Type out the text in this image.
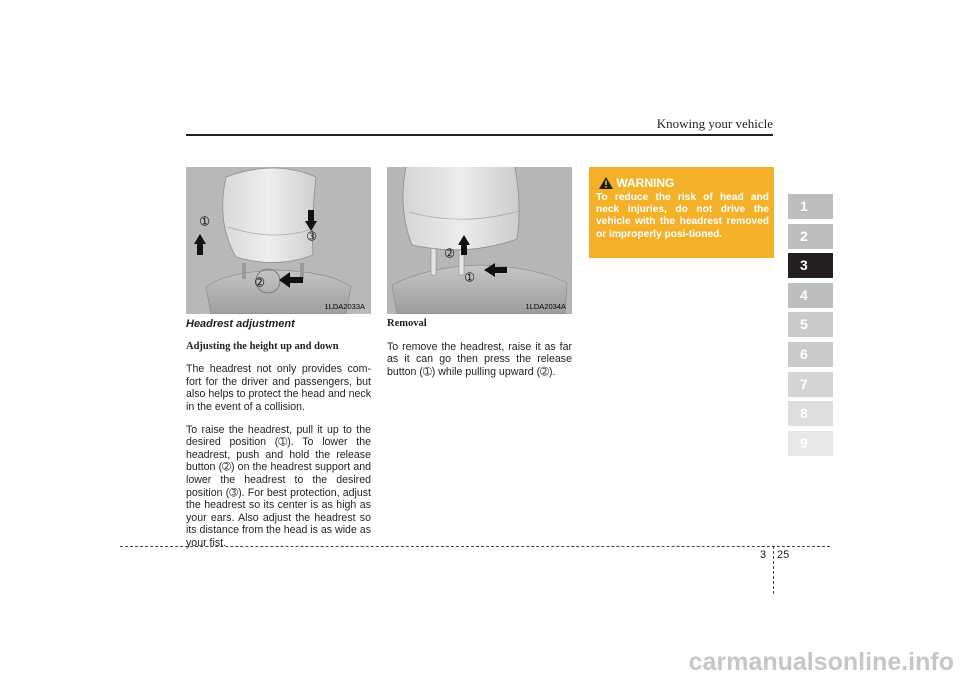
Knowing your vehicle
➀
➂
➁
1LDA2033A
➁
➀
1LDA2034A

Headrest adjustment

Adjusting the height up and down

The headrest not only provides com-fort for the driver and passengers, but also helps to protect the head and neck in the event of a collision.

To raise the headrest, pull it up to the desired position (➀). To lower the headrest, push and hold the release button (➁) on the headrest support and lower the headrest to the desired position (➂). For best protection, adjust the headrest so its center is as high as your ears. Also adjust the headrest so its distance from the head is as wide as your fist.

Removal

To remove the headrest, raise it as far as it can go then press the release button (➀) while pulling upward (➁).

WARNING
To reduce the risk of head and neck injuries, do not drive the vehicle with the headrest removed or improperly posi-tioned.
1
2
3
4
5
6
7
8
9
3 25
carmanualsonline.info
